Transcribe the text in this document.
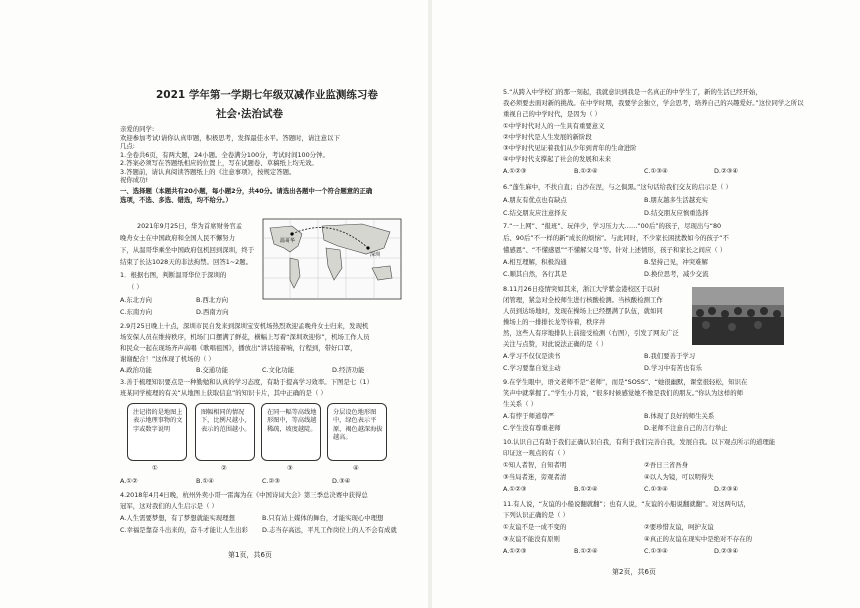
2021 学年第一学期七年级双减作业监测练习卷
社会·法治试卷
亲爱的同学:
欢迎参加考试!请你认真审题，积极思考，发挥最佳水平。答题时，请注意以下
几点:
1.全卷共6页，有两大题，24小题。全卷满分100分，考试时间100分钟。
2.答案必须写在答题纸相应的位置上，写在试题卷、草稿纸上均无效。
3.答题前，请认真阅读答题纸上的《注意事项》，按规定答题。
祝你成功!
一、选择题（本题共有20小题，每小题2分，共40分。请选出各题中一个符合题意的正确
选项，不选、多选、错选，均不给分。）
2021年9月25日，华为首席财务官孟
晚舟女士在中国政府和全国人民不懈努力
下，从温哥华乘坐中国政府包机回到深圳，终于
结束了长达1028天的非法拘禁。回答1~2题。
1．根据右图，判断温哥华位于深圳的
（ ）
A.东北方向	B.西北方向
C.东南方向	D.西南方向
温哥华
深圳
2.9月25日晚上十点，深圳市民自发来到深圳宝安机场热烈欢迎孟晚舟女士归来，发现机
场安保人员在维持秩序，机场门口摆满了鲜花，横幅上写着“深圳欢迎你”，机场工作人员
和民众一起在现场齐声高唱《歌唱祖国》，播放出“讲话接着响，行程到，带好口罩，
谢谢配合！”这体现了机场的（ ）
A.政治功能	B.交通功能	C.文化功能	D.经济功能
3.善于梳理知识要点是一种勤勉和认真的学习态度，有助于提高学习效率。下图是七（1）
班某同学梳理的有关“从地图上获取信息”的知识卡片，其中正确的是（ ）
注记指的是地图上表示地理事物的文字或数字说明
①
图幅相同的情况下，比例尺越小，表示的范围越小。
②
在同一幅等高线地形图中，等高线越稀疏，坡度越陡。
③
分层设色地形图中，绿色表示平原，褐色越深海拔越高。
④
A.①②	B.①④	C.②③	D.③④
4.2018年4月4日晚，杭州外卖小哥一雷海为在《中国诗词大会》第三季总决赛中获得总
冠军，这对我们的人生启示是（ ）
A.人生需要梦想，有了梦想就能实现理想	B.只有站上媒体的舞台，才能实现心中理想
C.幸福是靠奋斗出来的，奋斗才能让人生出彩 D.志当存高远，平凡工作岗位上的人不会有成就
第1页，共6页
5.“从跨入中学校门的那一刻起，我就意识到我是一名真正的中学生了，新的生活已经开始，
我必须要去面对新的挑战。在中学时期，我要学会独立，学会思考，培养自己的兴趣爱好。”这位同学之所以
重视自己的中学时代，是因为（ ）
①中学时代对人的一生具有重要意义
②中学时代是人生发展的新阶段
③中学时代见证着我们从少年到青年的生命进阶
④中学时代支撑起了社会的发展和未来
A.①②③	B.①②④	C.①③④	D.②③④
6.“蓬生麻中，不扶自直；白沙在涅，与之俱黑。”这句话给我们交友的启示是（ ）
A.朋友有优点也有缺点	B.朋友越多生活越充实
C.结交朋友应注意择友	D.结交朋友应慎重选择
7.“一上网”、“报班”、玩伴少，学习压力大……”00后”的孩子，尽现出与“80
后、90后”不一样的新“成长的烦恼”。与此同时，不少家长困扰教如今的孩子“不
懂感恩”、“不懂感恩”“不懂解父母”等。针对上述情形，孩子和家长之间应（ ）
A.相互理解，积极沟通	B.坚持己见，冲突难解
C.顺其自然，各行其是	D.换位思考，减少交流
8.11月26日疫情突如其来，浙江大学紫金港校区于以封
闭管理，紧急对全校师生进行核酸检测。当核酸检测工作
人员到达场地时，发现在操场上已经摆满了队伍，就如同
操场上的一排排长龙等待着，秩序井
然，这些人有序地排队上前接受检测（右图），引发了网友广泛
关注与点赞，对此说法正确的是（ ）
A.学习不仅仅是读书	B.我们要善于学习
C.学习要靠自觉主动	D.学习中有苦也有乐
9.在学生眼中，语文老师不是“老师”，而是“SOSS”、“她很幽默，课堂很轻松，知识在
笑声中就掌握了。”学生小月说，“很多时候感觉她不像是我们的朋友。”你认为这样的师
生关系（ ）
A.有悖于师道尊严	B.体现了良好的师生关系
C.学生没有尊重老师	D.老师不注意自己的言行举止
10.认识自己有助于我们正确认识自我，有利于我们完善自我，发展自我。以下观点所示的道理能
印证这一观点的有（ ）
①知人者智，自知者明	②吾日三省吾身
③当局者迷，旁观者清	④以人为镜，可以明得失
A.①②③	B.①②④	C.①③④	D.②③④
11.有人说，“友谊的小船说翻就翻”；也有人说，“友谊的小船说翻就翻”。对这两句话，
下列认识正确的是（ ）
①友谊不是一成不变的	②要珍惜友谊，呵护友谊
③友谊不能没有原则	④真正的友谊在现实中是绝对不存在的
A.①②③	B.①②④	C.①③④	D.②③④
第2页，共6页
